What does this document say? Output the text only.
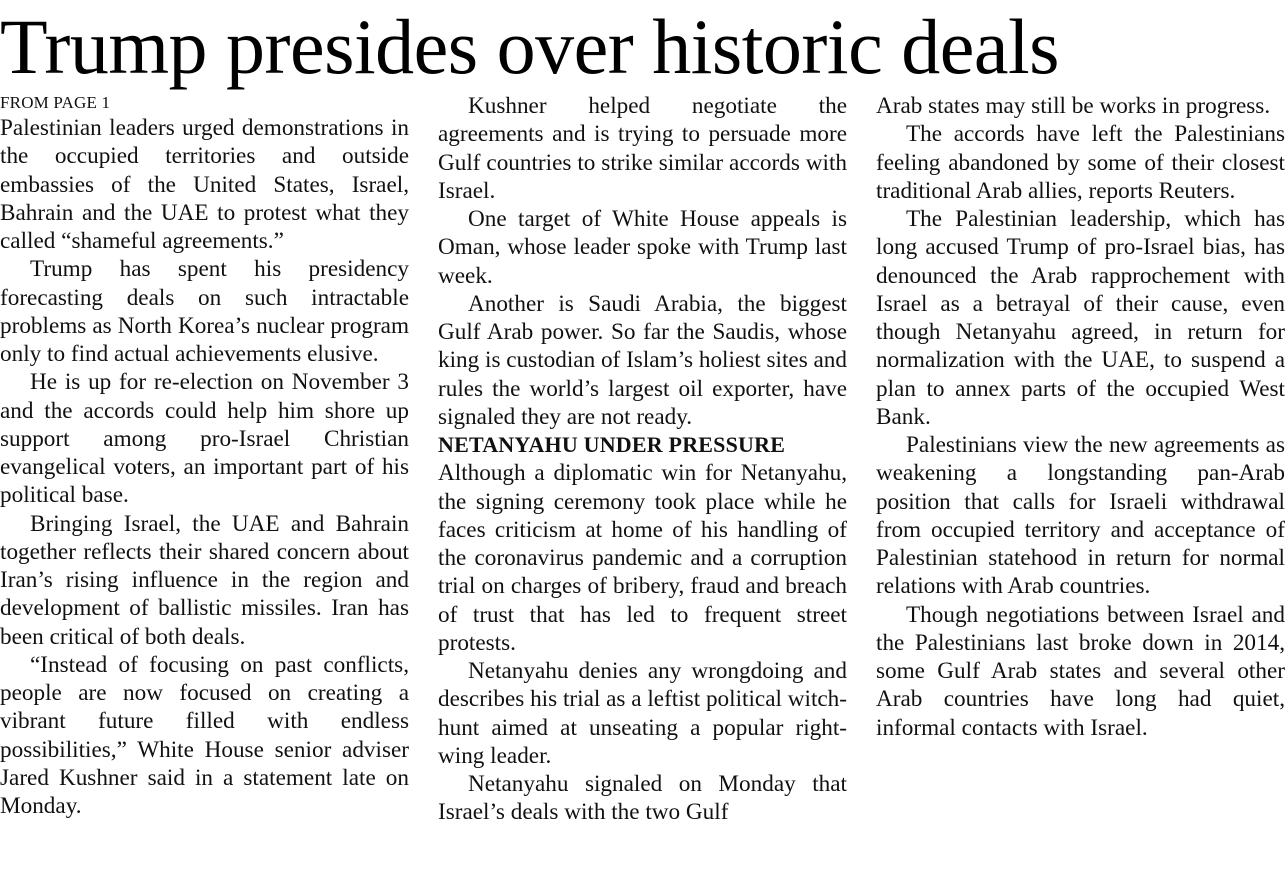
Trump presides over historic deals
FROM PAGE 1

Palestinian leaders urged demonstrations in the occupied territories and outside embassies of the United States, Israel, Bahrain and the UAE to protest what they called “shameful agreements.”

Trump has spent his presidency forecasting deals on such intractable problems as North Korea’s nuclear program only to find actual achievements elusive.

He is up for re-election on November 3 and the accords could help him shore up support among pro-Israel Christian evangelical voters, an important part of his political base.

Bringing Israel, the UAE and Bahrain together reflects their shared concern about Iran’s rising influence in the region and development of ballistic missiles. Iran has been critical of both deals.

“Instead of focusing on past conflicts, people are now focused on creating a vibrant future filled with endless possibilities,” White House senior adviser Jared Kushner said in a statement late on Monday.

Kushner helped negotiate the agreements and is trying to persuade more Gulf countries to strike similar accords with Israel.

One target of White House appeals is Oman, whose leader spoke with Trump last week.

Another is Saudi Arabia, the biggest Gulf Arab power. So far the Saudis, whose king is custodian of Islam’s holiest sites and rules the world’s largest oil exporter, have signaled they are not ready.

NETANYAHU UNDER PRESSURE

Although a diplomatic win for Netanyahu, the signing ceremony took place while he faces criticism at home of his handling of the coronavirus pandemic and a corruption trial on charges of bribery, fraud and breach of trust that has led to frequent street protests.

Netanyahu denies any wrongdoing and describes his trial as a leftist political witch-hunt aimed at unseating a popular right-wing leader.

Netanyahu signaled on Monday that Israel’s deals with the two Gulf

Arab states may still be works in progress.

The accords have left the Palestinians feeling abandoned by some of their closest traditional Arab allies, reports Reuters.

The Palestinian leadership, which has long accused Trump of pro-Israel bias, has denounced the Arab rapprochement with Israel as a betrayal of their cause, even though Netanyahu agreed, in return for normalization with the UAE, to suspend a plan to annex parts of the occupied West Bank.

Palestinians view the new agreements as weakening a longstanding pan-Arab position that calls for Israeli withdrawal from occupied territory and acceptance of Palestinian statehood in return for normal relations with Arab countries.

Though negotiations between Israel and the Palestinians last broke down in 2014, some Gulf Arab states and several other Arab countries have long had quiet, informal contacts with Israel.
